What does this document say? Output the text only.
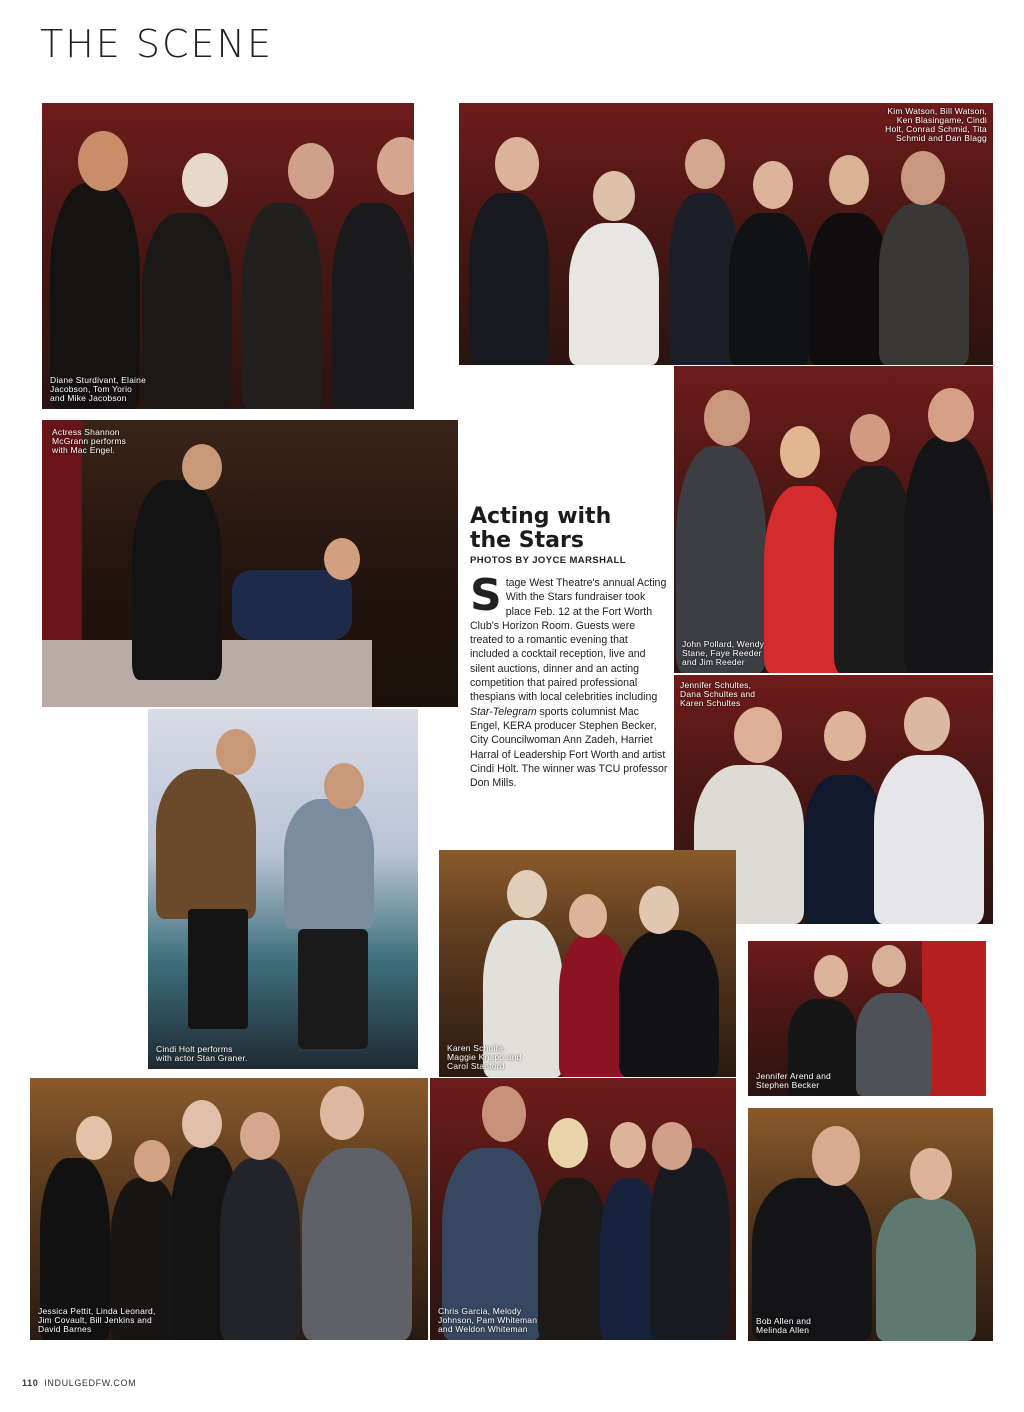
THE SCENE
Diane Sturdivant, Elaine
Jacobson, Tom Yorio
and Mike Jacobson
Kim Watson, Bill Watson,
Ken Blasingame, Cindi
Holt, Conrad Schmid, Tita
Schmid and Dan Blagg
Actress Shannon
McGrann performs
with Mac Engel.
John Pollard, Wendy
Stane, Faye Reeder
and Jim Reeder
Jennifer Schultes,
Dana Schultes and
Karen Schultes
Cindi Holt performs
with actor Stan Graner.
Karen Schulte,
Maggie Knapp and
Carol Stanford
Jennifer Arend and
Stephen Becker
Jessica Pettit, Linda Leonard,
Jim Covault, Bill Jenkins and
David Barnes
Chris Garcia, Melody
Johnson, Pam Whiteman
and Weldon Whiteman
Bob Allen and
Melinda Allen
Acting with
the Stars
PHOTOS BY JOYCE MARSHALL

Stage West Theatre's annual Acting With the Stars fundraiser took place Feb. 12 at the Fort Worth Club's Horizon Room. Guests were treated to a romantic evening that included a cocktail reception, live and silent auctions, dinner and an acting competition that paired professional thespians with local celebrities including Star-Telegram sports columnist Mac Engel, KERA producer Stephen Becker, City Councilwoman Ann Zadeh, Harriet Harral of Leadership Fort Worth and artist Cindi Holt. The winner was TCU professor Don Mills.

110 INDULGEDFW.COM
